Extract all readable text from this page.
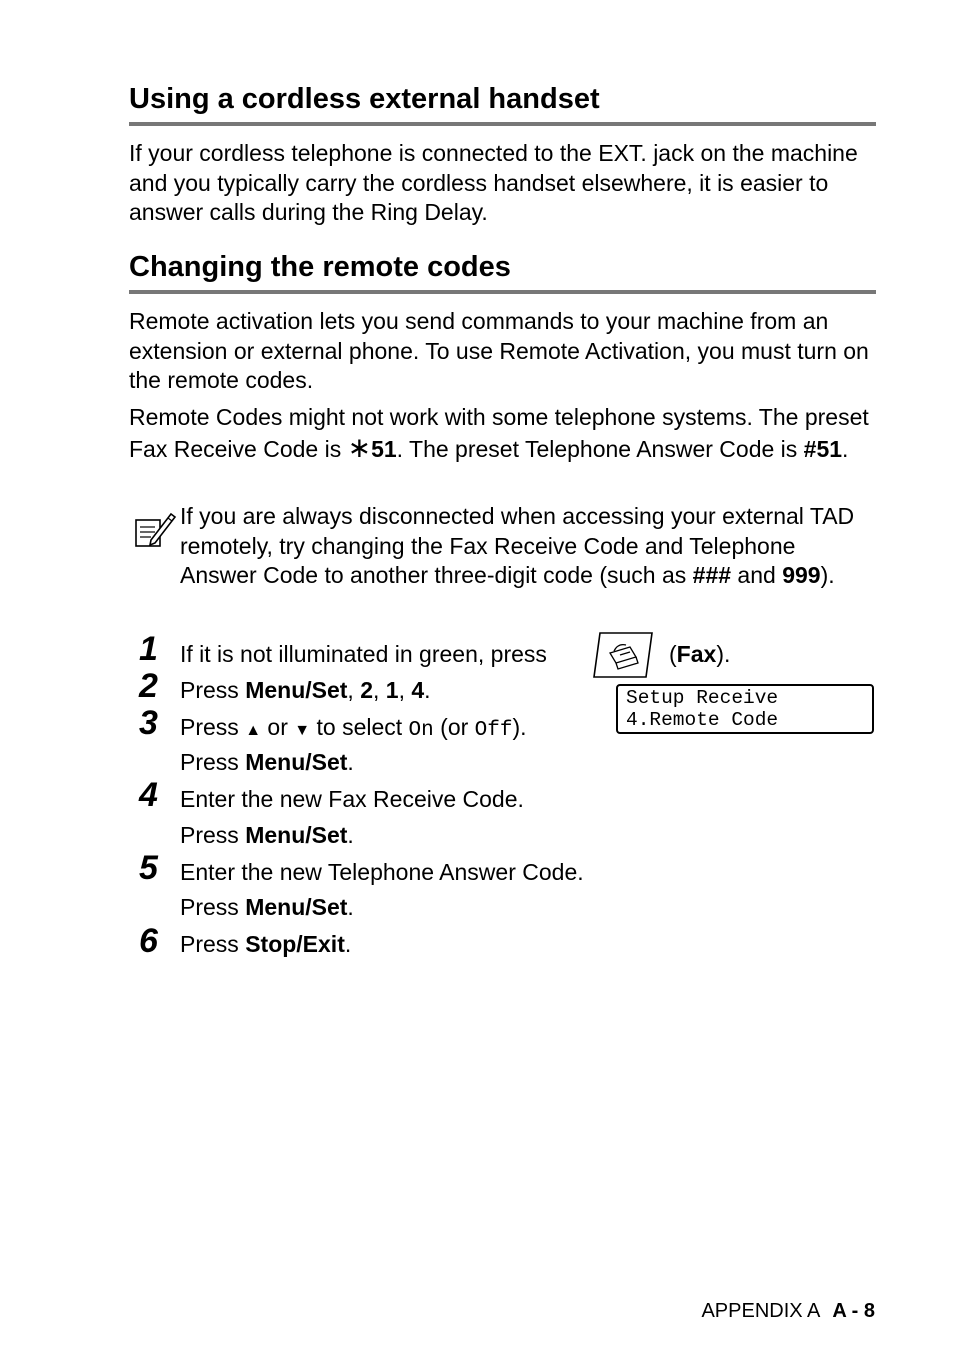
Using a cordless external handset

If your cordless telephone is connected to the EXT. jack on the machine and you typically carry the cordless handset elsewhere, it is easier to answer calls during the Ring Delay.

Changing the remote codes

Remote activation lets you send commands to your machine from an extension or external phone. To use Remote Activation, you must turn on the remote codes.

Remote Codes might not work with some telephone systems. The preset Fax Receive Code is ∗51. The preset Telephone Answer Code is #51.

If you are always disconnected when accessing your external TAD remotely, try changing the Fax Receive Code and Telephone Answer Code to another three-digit code (such as ### and 999).

1 If it is not illuminated in green, press	(Fax).
2 Press Menu/Set, 2, 1, 4.	Setup Receive
4.Remote Code
3 Press ▲ or ▼ to select On (or Off).
Press Menu/Set.
4 Enter the new Fax Receive Code.
Press Menu/Set.
5 Enter the new Telephone Answer Code.
Press Menu/Set.
6 Press Stop/Exit.
APPENDIX A A - 8
